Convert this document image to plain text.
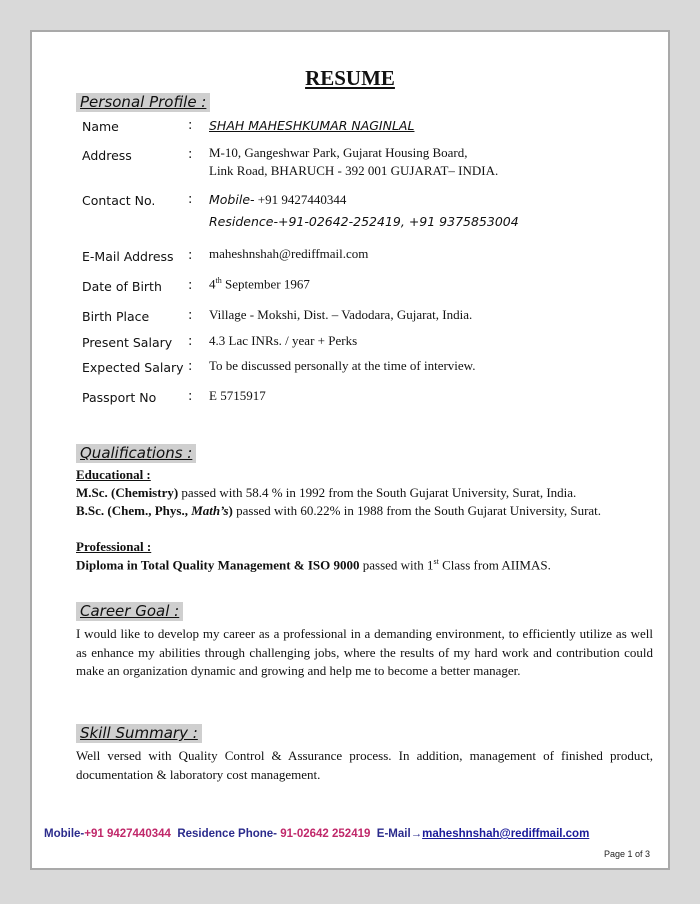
RESUME
Personal Profile :
Name	: SHAH MAHESHKUMAR NAGINLAL
Address	: M-10, Gangeshwar Park, Gujarat Housing Board,
Link Road, BHARUCH - 392 001 GUJARAT– INDIA.
Contact No.	: Mobile- +91 9427440344
Residence-+91-02642-252419, +91 9375853004
E-Mail Address : maheshnshah@rediffmail.com
Date of Birth : 4th September 1967
Birth Place	: Village - Mokshi, Dist. – Vadodara, Gujarat, India.
Present Salary : 4.3 Lac INRs. / year + Perks
Expected Salary : To be discussed personally at the time of interview.
Passport No : E 5715917
Qualifications :
Educational :
M.Sc. (Chemistry) passed with 58.4 % in 1992 from the South Gujarat University, Surat, India.
B.Sc. (Chem., Phys., Math’s) passed with 60.22% in 1988 from the South Gujarat University, Surat.
Professional :
Diploma in Total Quality Management & ISO 9000 passed with 1st Class from AIIMAS.
Career Goal :
I would like to develop my career as a professional in a demanding environment, to efficiently utilize as well as enhance my abilities through challenging jobs, where the results of my hard work and contribution could make an organization dynamic and growing and help me to become a better manager.
Skill Summary :
Well versed with Quality Control & Assurance process. In addition, management of finished product, documentation & laboratory cost management.
Mobile-+91 9427440344 Residence Phone- 91-02642 252419 E-Mail→maheshnshah@rediffmail.com
Page 1 of 3
